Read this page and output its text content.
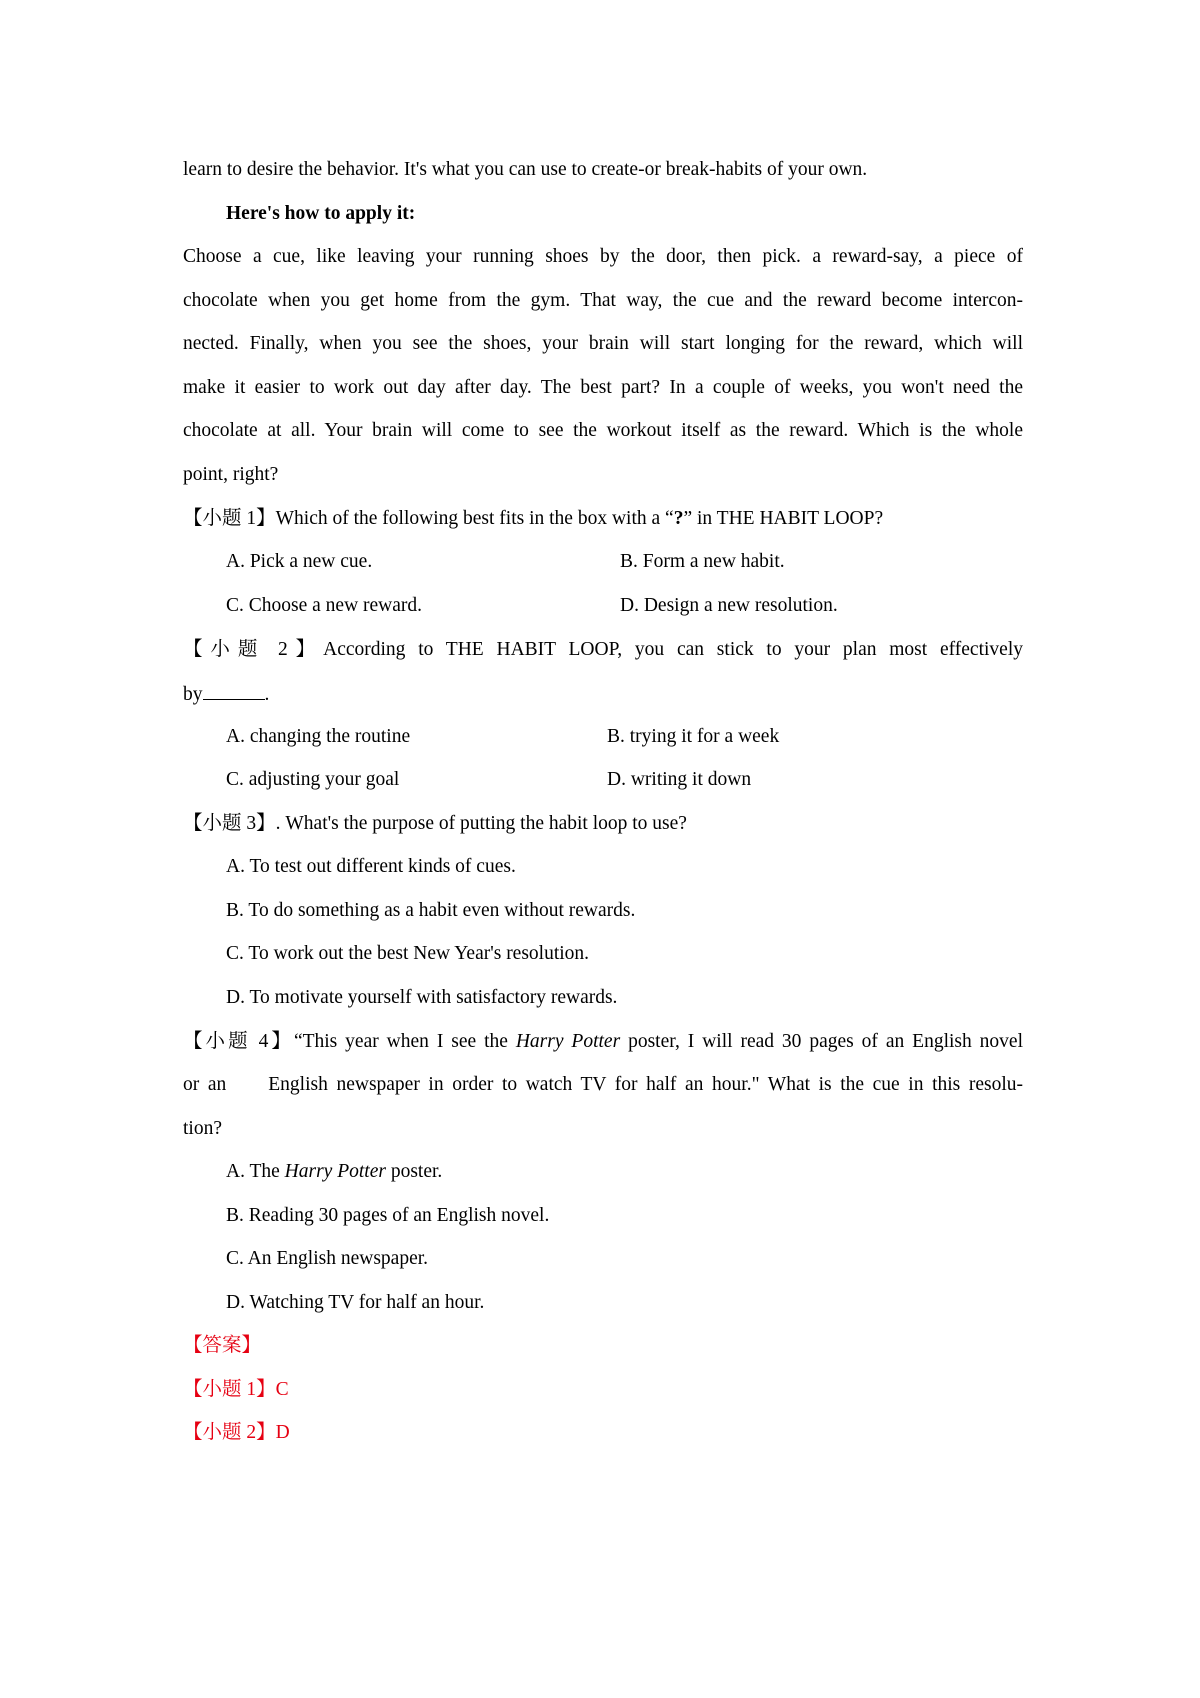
learn to desire the behavior. It's what you can use to create-or break-habits of your own.
Here's how to apply it:
Choose a cue, like leaving your running shoes by the door, then pick. a reward-say, a piece of
chocolate when you get home from the gym. That way, the cue and the reward become intercon-
nected. Finally, when you see the shoes, your brain will start longing for the reward, which will
make it easier to work out day after day. The best part? In a couple of weeks, you won't need the
chocolate at all. Your brain will come to see the workout itself as the reward. Which is the whole
point, right?
【小题 1】Which of the following best fits in the box with a “?” in THE HABIT LOOP?
A. Pick a new cue.	B. Form a new habit.
C. Choose a new reward.	D. Design a new resolution.
【小题 2】According to THE HABIT LOOP, you can stick to your plan most effectively
by	.
A. changing the routine	B. trying it for a week
C. adjusting your goal	D. writing it down
【小题 3】. What's the purpose of putting the habit loop to use?
A. To test out different kinds of cues.
B. To do something as a habit even without rewards.
C. To work out the best New Year's resolution.
D. To motivate yourself with satisfactory rewards.
【小题 4】“This year when I see the Harry Potter poster, I will read 30 pages of an English novel
or an English newspaper in order to watch TV for half an hour." What is the cue in this resolu-
tion?
A. The Harry Potter poster.
B. Reading 30 pages of an English novel.
C. An English newspaper.
D. Watching TV for half an hour.
【答案】
【小题 1】C
【小题 2】D
